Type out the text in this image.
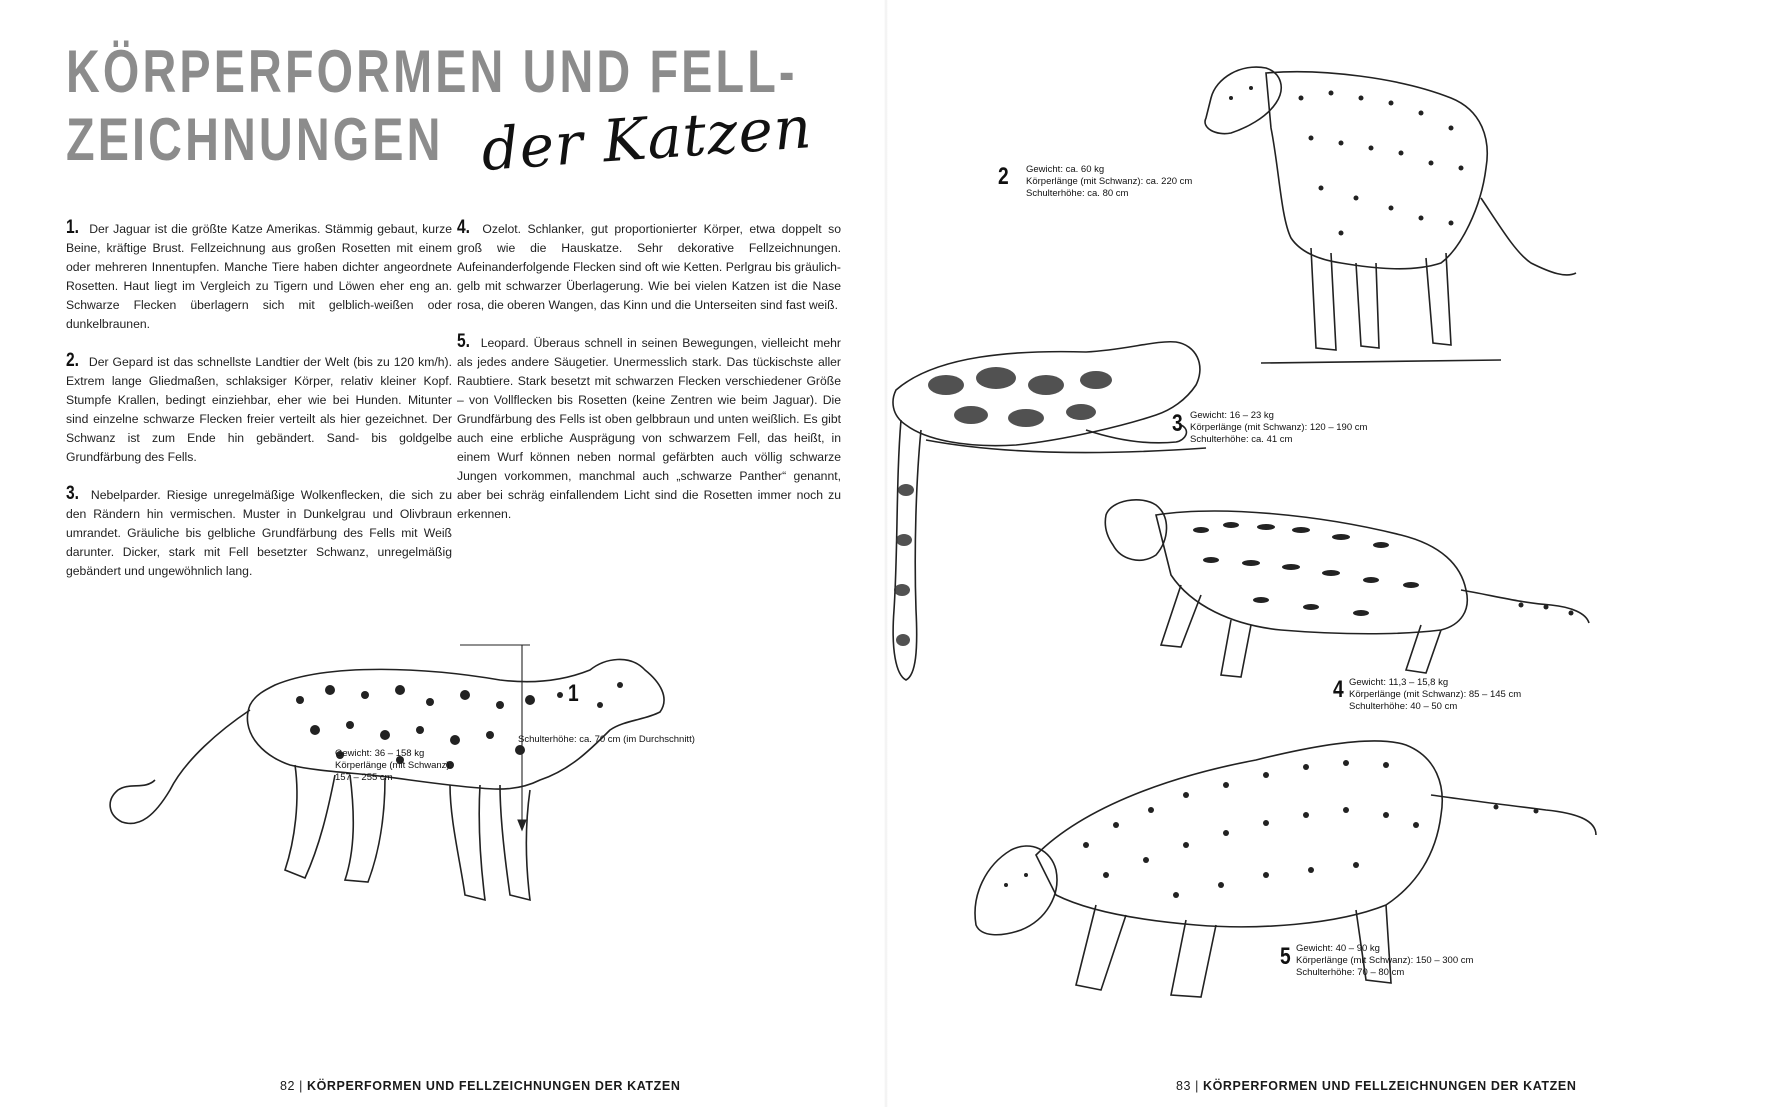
KÖRPERFORMEN UND FELL-
ZEICHNUNGEN der Katzen

1. Der Jaguar ist die größte Katze Amerikas. Stämmig gebaut, kurze Beine, kräftige Brust. Fellzeichnung aus großen Rosetten mit einem oder mehreren Innentupfen. Manche Tiere haben dichter angeordnete Rosetten. Haut liegt im Vergleich zu Tigern und Löwen eher eng an. Schwarze Flecken überlagern sich mit gelblich-weißen oder dunkelbraunen.

2. Der Gepard ist das schnellste Landtier der Welt (bis zu 120 km/h). Extrem lange Gliedmaßen, schlaksiger Körper, relativ kleiner Kopf. Stumpfe Krallen, bedingt einziehbar, eher wie bei Hunden. Mitunter sind einzelne schwarze Flecken freier verteilt als hier gezeichnet. Der Schwanz ist zum Ende hin gebändert. Sand- bis goldgelbe Grundfärbung des Fells.

3. Nebelparder. Riesige unregelmäßige Wolkenflecken, die sich zu den Rändern hin vermischen. Muster in Dunkelgrau und Olivbraun umrandet. Gräuliche bis gelbliche Grundfärbung des Fells mit Weiß darunter. Dicker, stark mit Fell besetzter Schwanz, unregelmäßig gebändert und ungewöhnlich lang.

4. Ozelot. Schlanker, gut proportionierter Körper, etwa doppelt so groß wie die Hauskatze. Sehr dekorative Fellzeichnungen. Aufeinanderfolgende Flecken sind oft wie Ketten. Perlgrau bis gräulich-gelb mit schwarzer Überlagerung. Wie bei vielen Katzen ist die Nase rosa, die oberen Wangen, das Kinn und die Unterseiten sind fast weiß.

5. Leopard. Überaus schnell in seinen Bewegungen, vielleicht mehr als jedes andere Säugetier. Unermesslich stark. Das tückischste aller Raubtiere. Stark besetzt mit schwarzen Flecken verschiedener Größe – von Vollflecken bis Rosetten (keine Zentren wie beim Jaguar). Die Grundfärbung des Fells ist oben gelbbraun und unten weißlich. Es gibt auch eine erbliche Ausprägung von schwarzem Fell, das heißt, in einem Wurf können neben normal gefärbten auch völlig schwarze Jungen vorkommen, manchmal auch „schwarze Panther“ genannt, aber bei schräg einfallendem Licht sind die Rosetten immer noch zu erkennen.

1
Schulterhöhe: ca. 70 cm (im Durchschnitt)
Gewicht: 36 – 158 kg
Körperlänge (mit Schwanz):
157 – 255 cm
82 | KÖRPERFORMEN UND FELLZEICHNUNGEN DER KATZEN
2 Gewicht: ca. 60 kg
Körperlänge (mit Schwanz): ca. 220 cm
Schulterhöhe: ca. 80 cm
3 Gewicht: 16 – 23 kg
Körperlänge (mit Schwanz): 120 – 190 cm
Schulterhöhe: ca. 41 cm
4 Gewicht: 11,3 – 15,8 kg
Körperlänge (mit Schwanz): 85 – 145 cm
Schulterhöhe: 40 – 50 cm
5 Gewicht: 40 – 90 kg
Körperlänge (mit Schwanz): 150 – 300 cm
Schulterhöhe: 70 – 80 cm
83 | KÖRPERFORMEN UND FELLZEICHNUNGEN DER KATZEN
